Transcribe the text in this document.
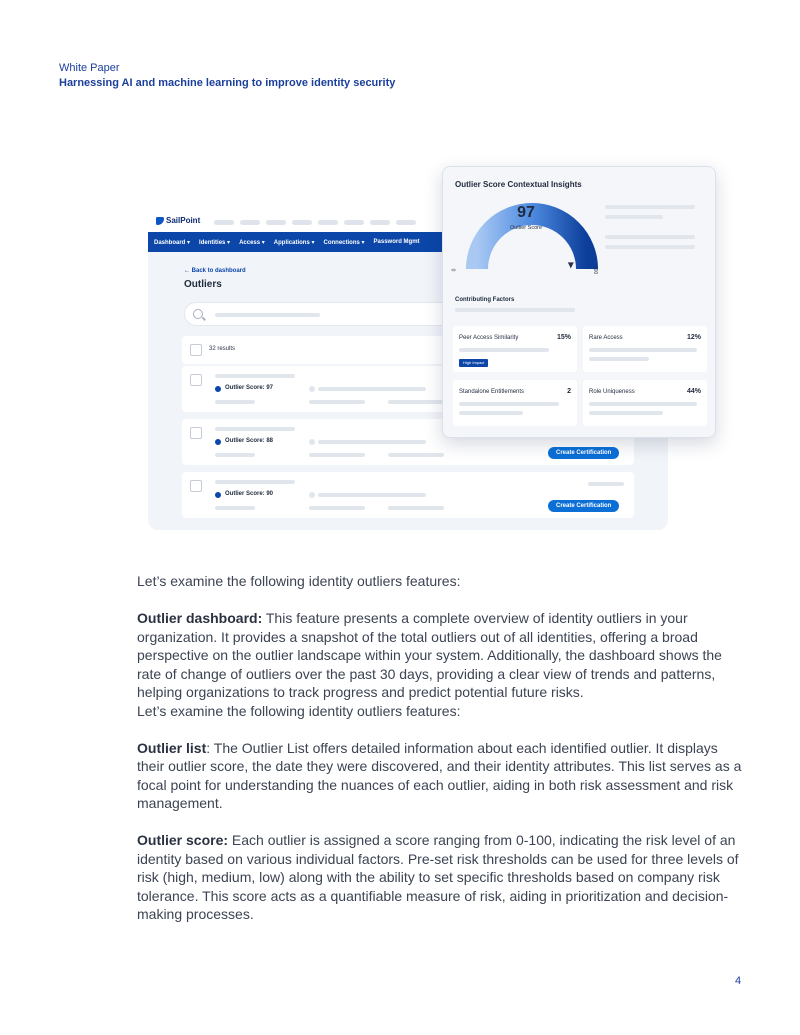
White Paper
Harnessing AI and machine learning to improve identity security
SailPoint
Dashboard ▾ Identities ▾ Access ▾ Applications ▾ Connections ▾ Password Mgmt
← Back to dashboard
Outliers
32 results
Outlier Score: 97
Outlier Score: 88
Create Certification
Outlier Score: 90
Create Certification
Outlier Score Contextual Insights
97
Outlier Score
0	100
Contributing Factors
Peer Access Similarity	15%
High Impact
Rare Access	12%
Standalone Entitlements	2	Role Uniqueness	44%

Let’s examine the following identity outliers features:

Outlier dashboard: This feature presents a complete overview of identity outliers in your organization. It provides a snapshot of the total outliers out of all identities, offering a broad perspective on the outlier landscape within your system. Additionally, the dashboard shows the rate of change of outliers over the past 30 days, providing a clear view of trends and patterns, helping organizations to track progress and predict potential future risks.

Let’s examine the following identity outliers features:

Outlier list: The Outlier List offers detailed information about each identified outlier. It displays their outlier score, the date they were discovered, and their identity attributes. This list serves as a focal point for understanding the nuances of each outlier, aiding in both risk assessment and risk management.

Outlier score: Each outlier is assigned a score ranging from 0-100, indicating the risk level of an identity based on various individual factors. Pre-set risk thresholds can be used for three levels of risk (high, medium, low) along with the ability to set specific thresholds based on company risk tolerance. This score acts as a quantifiable measure of risk, aiding in prioritization and decision-making processes.

4
